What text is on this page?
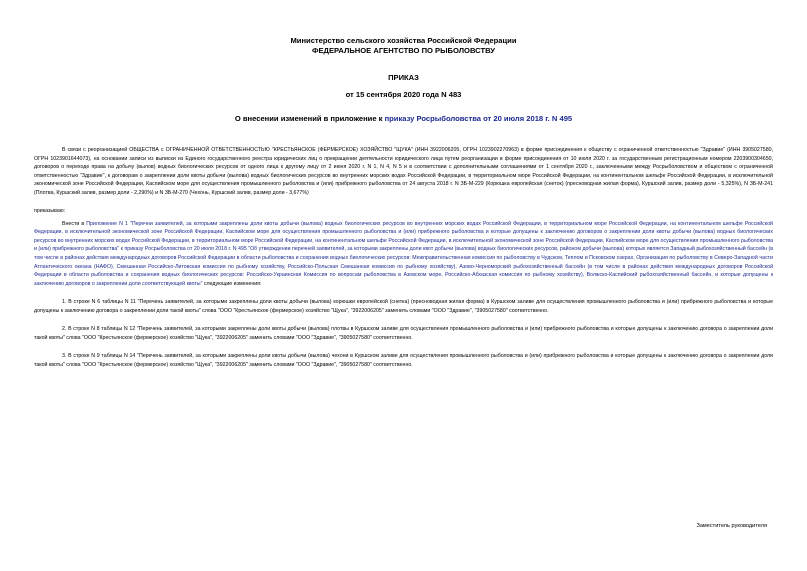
Министерство сельского хозяйства Российской Федерации
ФЕДЕРАЛЬНОЕ АГЕНТСТВО ПО РЫБОЛОВСТВУ
ПРИКАЗ
от 15 сентября 2020 года N 483
О внесении изменений в приложение к приказу Росрыболовства от 20 июля 2018 г. N 495

В связи с реорганизацией ОБЩЕСТВА с ОГРАНИЧЕННОЙ ОТВЕТСТВЕННОСТЬЮ "КРЕСТЬЯНСКОЕ (ФЕРМЕРСКОЕ) ХОЗЯЙСТВО "ЩУКА" (ИНН 3922006205, ОГРН 1023902270963) в форме присоединения к обществу с ограниченной ответственностью "Здравие" (ИНН 3905027580, ОГРН 1023901644073), на основании записи из выписки из Единого государственного реестра юридических лиц о прекращении деятельности юридического лица путем реорганизации в форме присоединения от 10 июля 2020 г. за государственным регистрационным номером 2203900304650, договоров о переходе права на добычу (вылов) водных биологических ресурсов от одного лица к другому лицу от 2 июня 2020 г. N 1, N 4, N 5 и в соответствии с дополнительными соглашениями от 1 сентября 2020 г., заключенными между Росрыболовством и обществом с ограниченной ответственностью "Здравие", к договорам о закреплении доли квоты добычи (вылова) водных биологических ресурсов во внутренних морских водах Российской Федерации, в территориальном море Российской Федерации, на континентальном шельфе Российской Федерации, в исключительной экономической зоне Российской Федерации, Каспийском море для осуществления промышленного рыболовства и (или) прибрежного рыболовства от 24 августа 2018 г. N ЗБ-М-229 (Корюшка европейская (снеток) (пресноводная жилая форма), Куршский залив, размер доли - 5,325%), N ЗБ-М-241 (Плотва, Куршский залив, размер доли - 2,290%) и N ЗБ-М-270 (Чехонь, Куршский залив, размер доли - 3,677%)

приказываю:

Внести в Приложение N 1 "Перечни заявителей, за которыми закреплены доли квоты добычи (вылова) водных биологических ресурсов во внутренних морских водах Российской Федерации, в территориальном море Российской Федерации, на континентальном шельфе Российской Федерации, в исключительной экономической зоне Российской Федерации, Каспийском море для осуществления промышленного рыболовства и (или) прибрежного рыболовства и которые допущены к заключению договоров о закреплении доли квоты добычи (вылова) водных биологических ресурсов во внутренних морских водах Российской Федерации, в территориальном море Российской Федерации, на континентальном шельфе Российской Федерации, в исключительной экономической зоне Российской Федерации, Каспийском море для осуществления промышленного рыболовства и (или) прибрежного рыболовства" к приказу Росрыболовства от 20 июля 2018 г. N 495 "Об утверждении перечней заявителей, за которыми закреплены доли квот добычи (вылова) водных биологических ресурсов, районом добычи (вылова) которых является Западный рыбохозяйственный бассейн (в том числе в районах действия международных договоров Российской Федерации в области рыболовства и сохранения водных биологических ресурсов: Межправительственная комиссия по рыболовству в Чудском, Теплом и Псковском озерах, Организация по рыболовству в Северо-Западной части Атлантического океана (НАФО), Смешанная Российско-Литовская комиссия по рыбному хозяйству, Российско-Польская Смешанная комиссия по рыбному хозяйству), Азово-Черноморский рыбохозяйственный бассейн (в том числе в районах действия международных договоров Российской Федерации в области рыболовства и сохранения водных биологических ресурсов: Российско-Украинская Комиссия по вопросам рыболовства в Азовском море, Российско-Абхазская комиссия по рыбному хозяйству), Волжско-Каспийский рыбохозяйственный бассейн, и которые допущены к заключению договоров о закреплении доли соответствующей квоты" следующие изменения:

1. В строке N 6 таблицы N 11 "Перечень заявителей, за которыми закреплены доли квоты добычи (вылова) корюшки европейской (снетка) (пресноводная жилая форма) в Куршском заливе для осуществления промышленного рыболовства и (или) прибрежного рыболовства и которые допущены к заключению договора о закреплении доли такой квоты" слова "ООО "Крестьянское (фермерское) хозяйство "Щука", "3922006205" заменить словами "ООО "Здравие", "3905027580" соответственно.

2. В строке N 8 таблицы N 12 "Перечень заявителей, за которыми закреплены доли квоты добычи (вылова) плотвы в Куршском заливе для осуществления промышленного рыболовства и (или) прибрежного рыболовства и которые допущены к заключению договора о закреплении доли такой квоты" слова "ООО "Крестьянское (фермерское) хозяйство "Щука", "3922006205" заменить словами "ООО "Здравие", "3905027580" соответственно.

3. В строке N 9 таблицы N 14 "Перечень заявителей, за которыми закреплены доли квоты добычи (вылова) чехони в Куршском заливе для осуществления промышленного рыболовства и (или) прибрежного рыболовства и которые допущены к заключению договора о закреплении доли такой квоты" слова "ООО "Крестьянское (фермерское) хозяйство "Щука", "3922006205" заменить словами "ООО "Здравие", "3905027580" соответственно.

Заместитель руководителя
